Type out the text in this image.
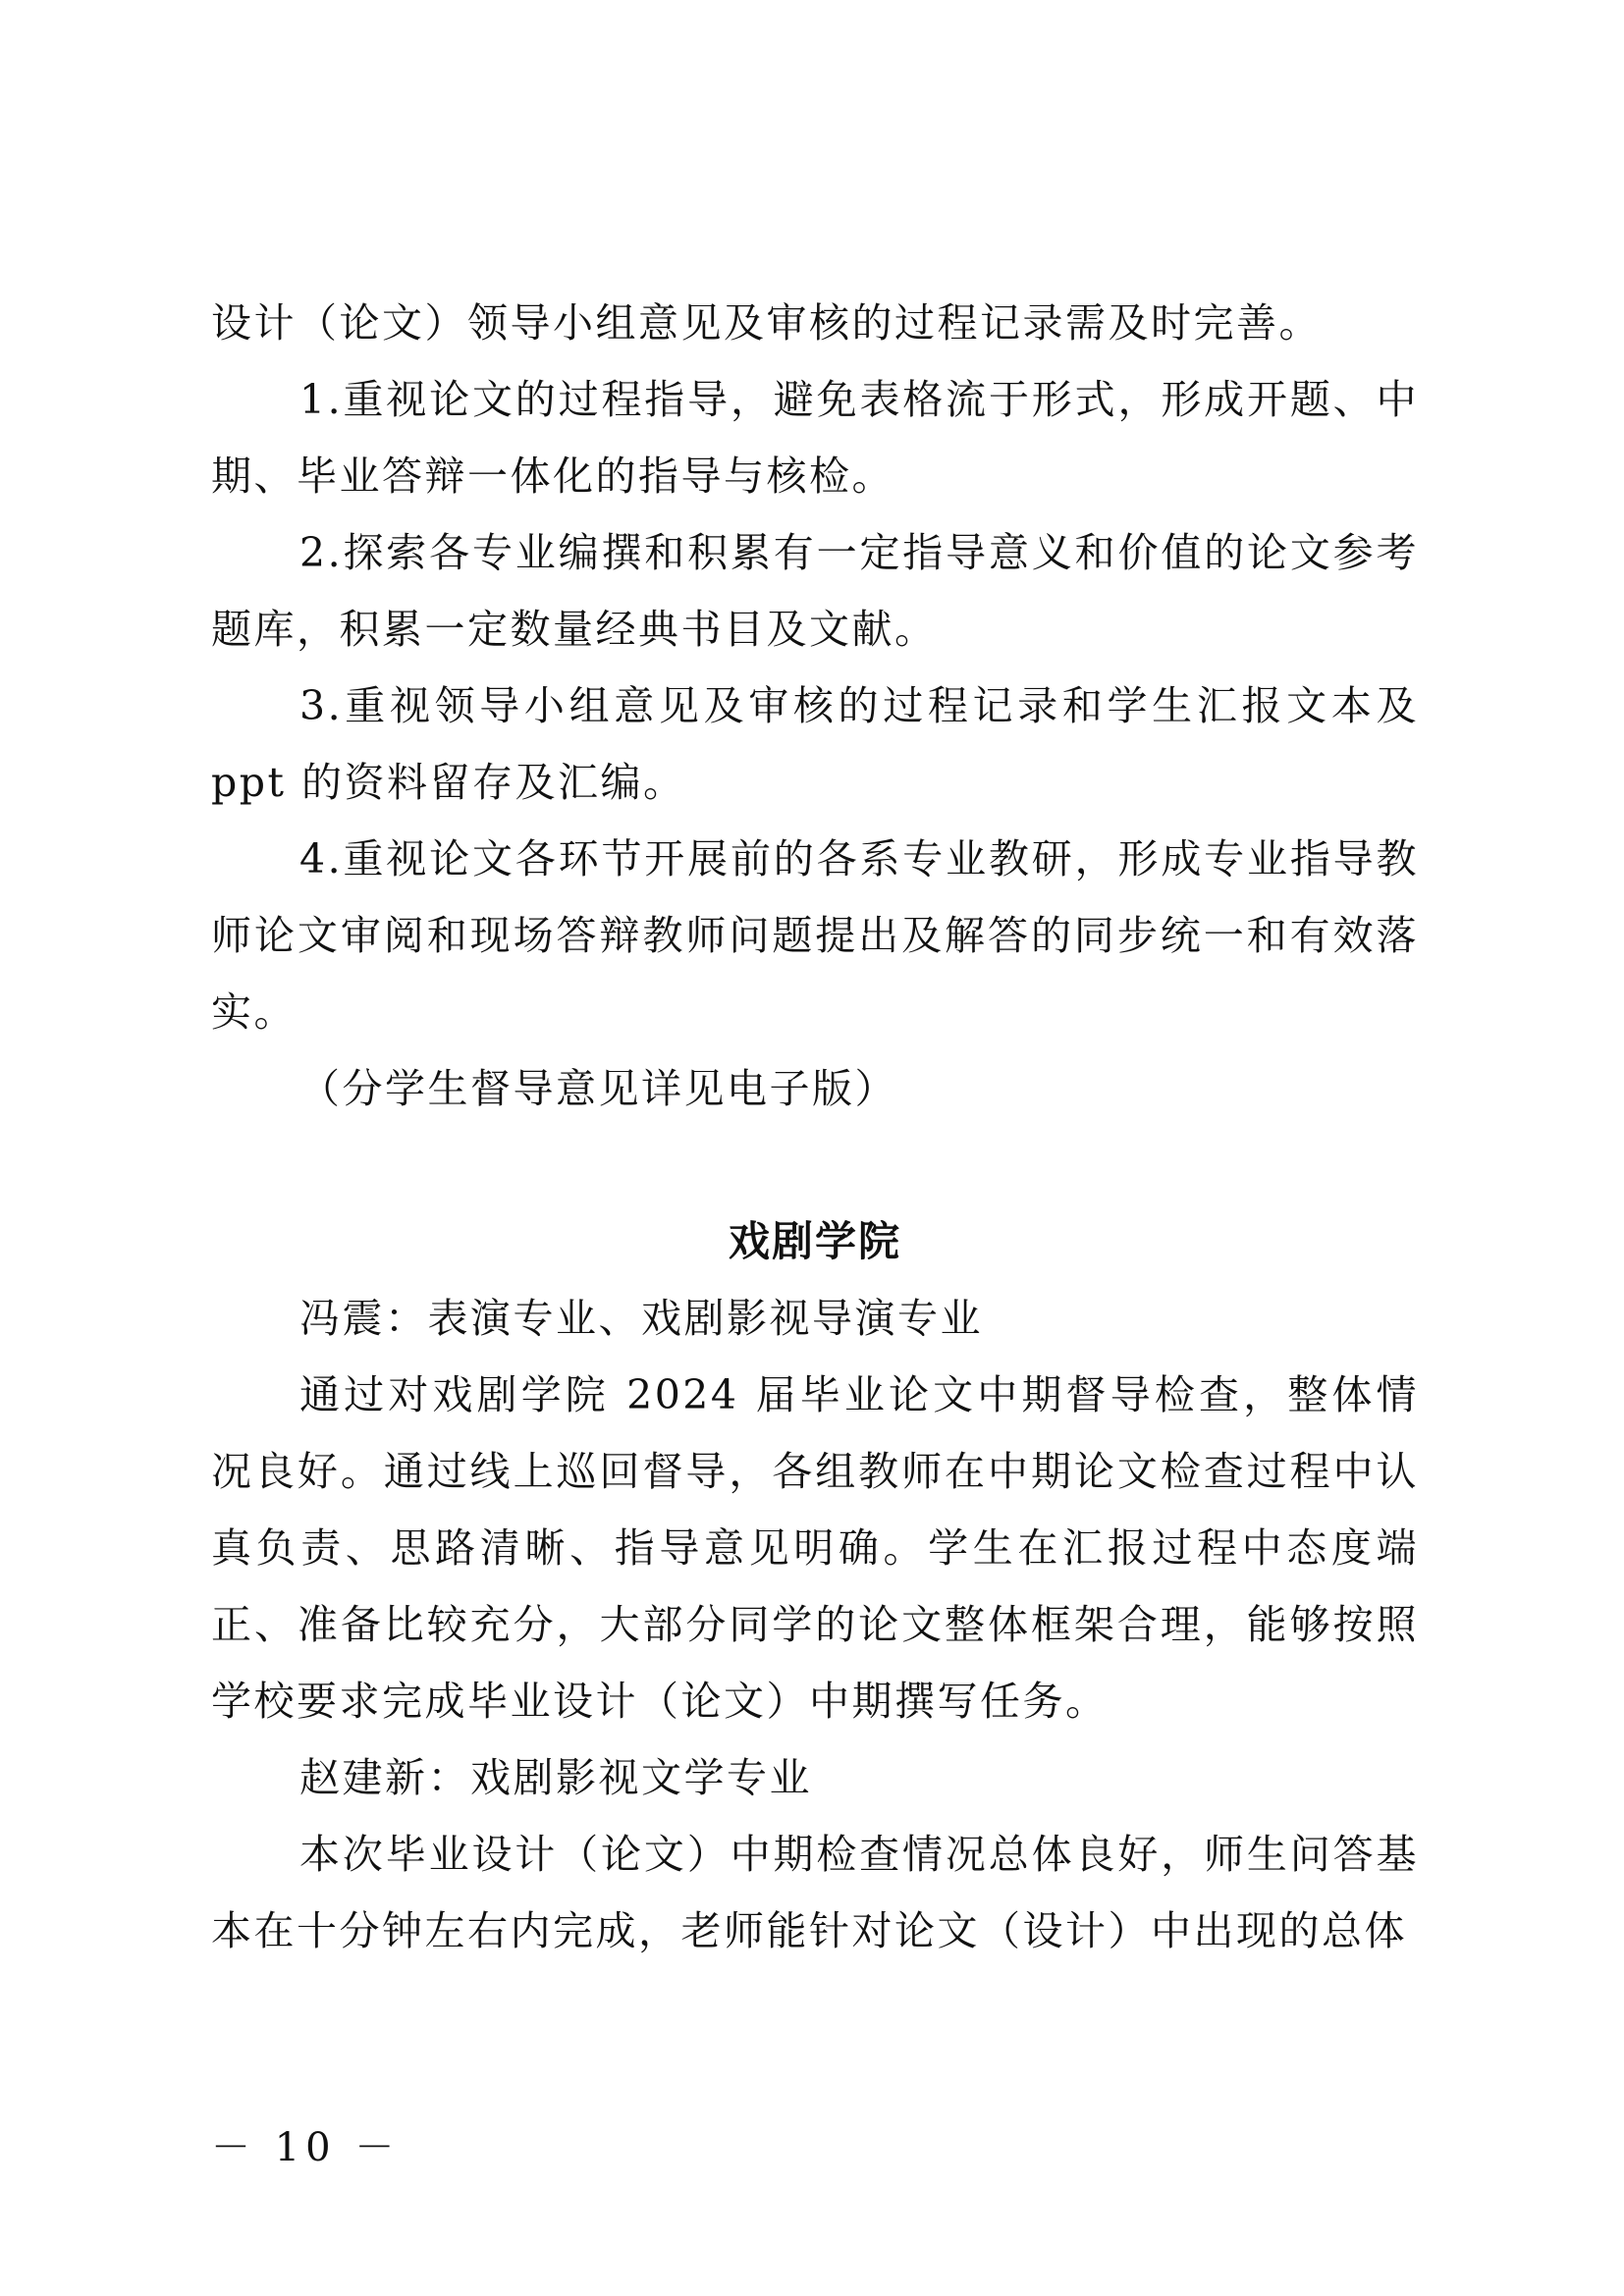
设计（论文）领导小组意见及审核的过程记录需及时完善。

1.重视论文的过程指导，避免表格流于形式，形成开题、中期、毕业答辩一体化的指导与核检。

2.探索各专业编撰和积累有一定指导意义和价值的论文参考题库，积累一定数量经典书目及文献。

3.重视领导小组意见及审核的过程记录和学生汇报文本及ppt 的资料留存及汇编。

4.重视论文各环节开展前的各系专业教研，形成专业指导教师论文审阅和现场答辩教师问题提出及解答的同步统一和有效落实。

（分学生督导意见详见电子版）

戏剧学院

冯震：表演专业、戏剧影视导演专业

通过对戏剧学院 2024 届毕业论文中期督导检查，整体情况良好。通过线上巡回督导，各组教师在中期论文检查过程中认真负责、思路清晰、指导意见明确。学生在汇报过程中态度端正、准备比较充分，大部分同学的论文整体框架合理，能够按照学校要求完成毕业设计（论文）中期撰写任务。

赵建新：戏剧影视文学专业

本次毕业设计（论文）中期检查情况总体良好，师生问答基本在十分钟左右内完成，老师能针对论文（设计）中出现的总体

－ 10 －
